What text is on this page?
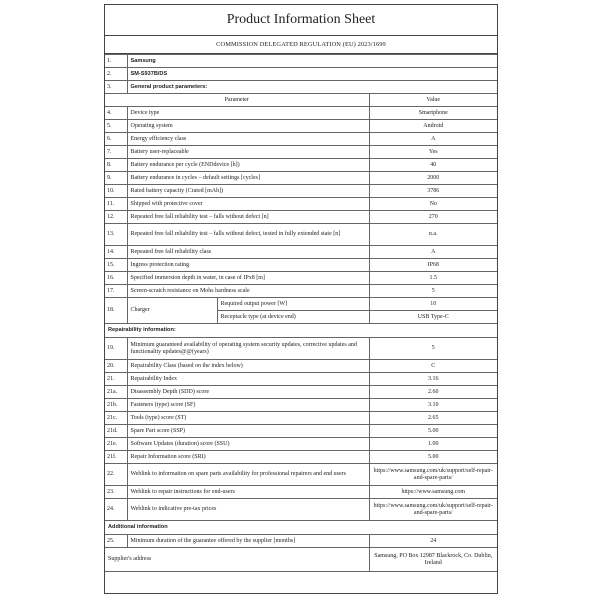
Product Information Sheet
COMMISSION DELEGATED REGULATION (EU) 2023/1699
1.	Samsung		
2.	SM-S937B/DS		
3.	General product parameters:		
Parameter			Value
4.	Device type		Smartphone
5.	Operating system		Android
6.	Energy efficiency class		A
7.	Battery user-replaceable		Yes
8.	Battery endurance per cycle (ENDdevice [h])		40
9.	Battery endurance in cycles – default settings [cycles]		2000
10.	Rated battery capacity (Crated [mAh])		3786
11.	Shipped with protective cover		No
12.	Repeated free fall reliability test – falls without defect [n]		270
13.	Repeated free fall reliability test – falls without defect, tested in fully extended state [n]		n.a.
14.	Repeated free fall reliability class		A
15.	Ingress protection rating		IP68
16.	Specified immersion depth in water, in case of IPx8 [m]		1.5
17.	Screen-scratch resistance on Mohs hardness scale		5
18.	Charger	Required output power [W]	10
		Receptacle type (at device end)	USB Type-C
Repairability information:			
19.	Minimum guaranteed availability of operating system security updates, corrective updates and functionality updates@@(years)		5
20.	Repairability Class (based on the index below)		C
21.	Repairability Index		3.16
21a.	Disassembly Depth (SDD) score		2.60
21b.	Fasteners (type) score (SF)		3.10
21c.	Tools (type) score (ST)		2.65
21d.	Spare Part score (SSP)		5.00
21e.	Software Updates (duration) score (SSU)		1.00
21f.	Repair Information score (SRI)		5.00
22.	Weblink to information on spare parts availability for professional repairers and end users		https://www.samsung.com/uk/support/self-repair-and-spare-parts/
23.	Weblink to repair instructions for end-users		https://www.samsung.com
24.	Weblink to indicative pre-tax prices		https://www.samsung.com/uk/support/self-repair-and-spare-parts/
Additional information			
25.	Minimum duration of the guarantee offered by the supplier [months]		24
Supplier's address			Samsung, PO Box 12987 Blackrock, Co. Dublin, Ireland
